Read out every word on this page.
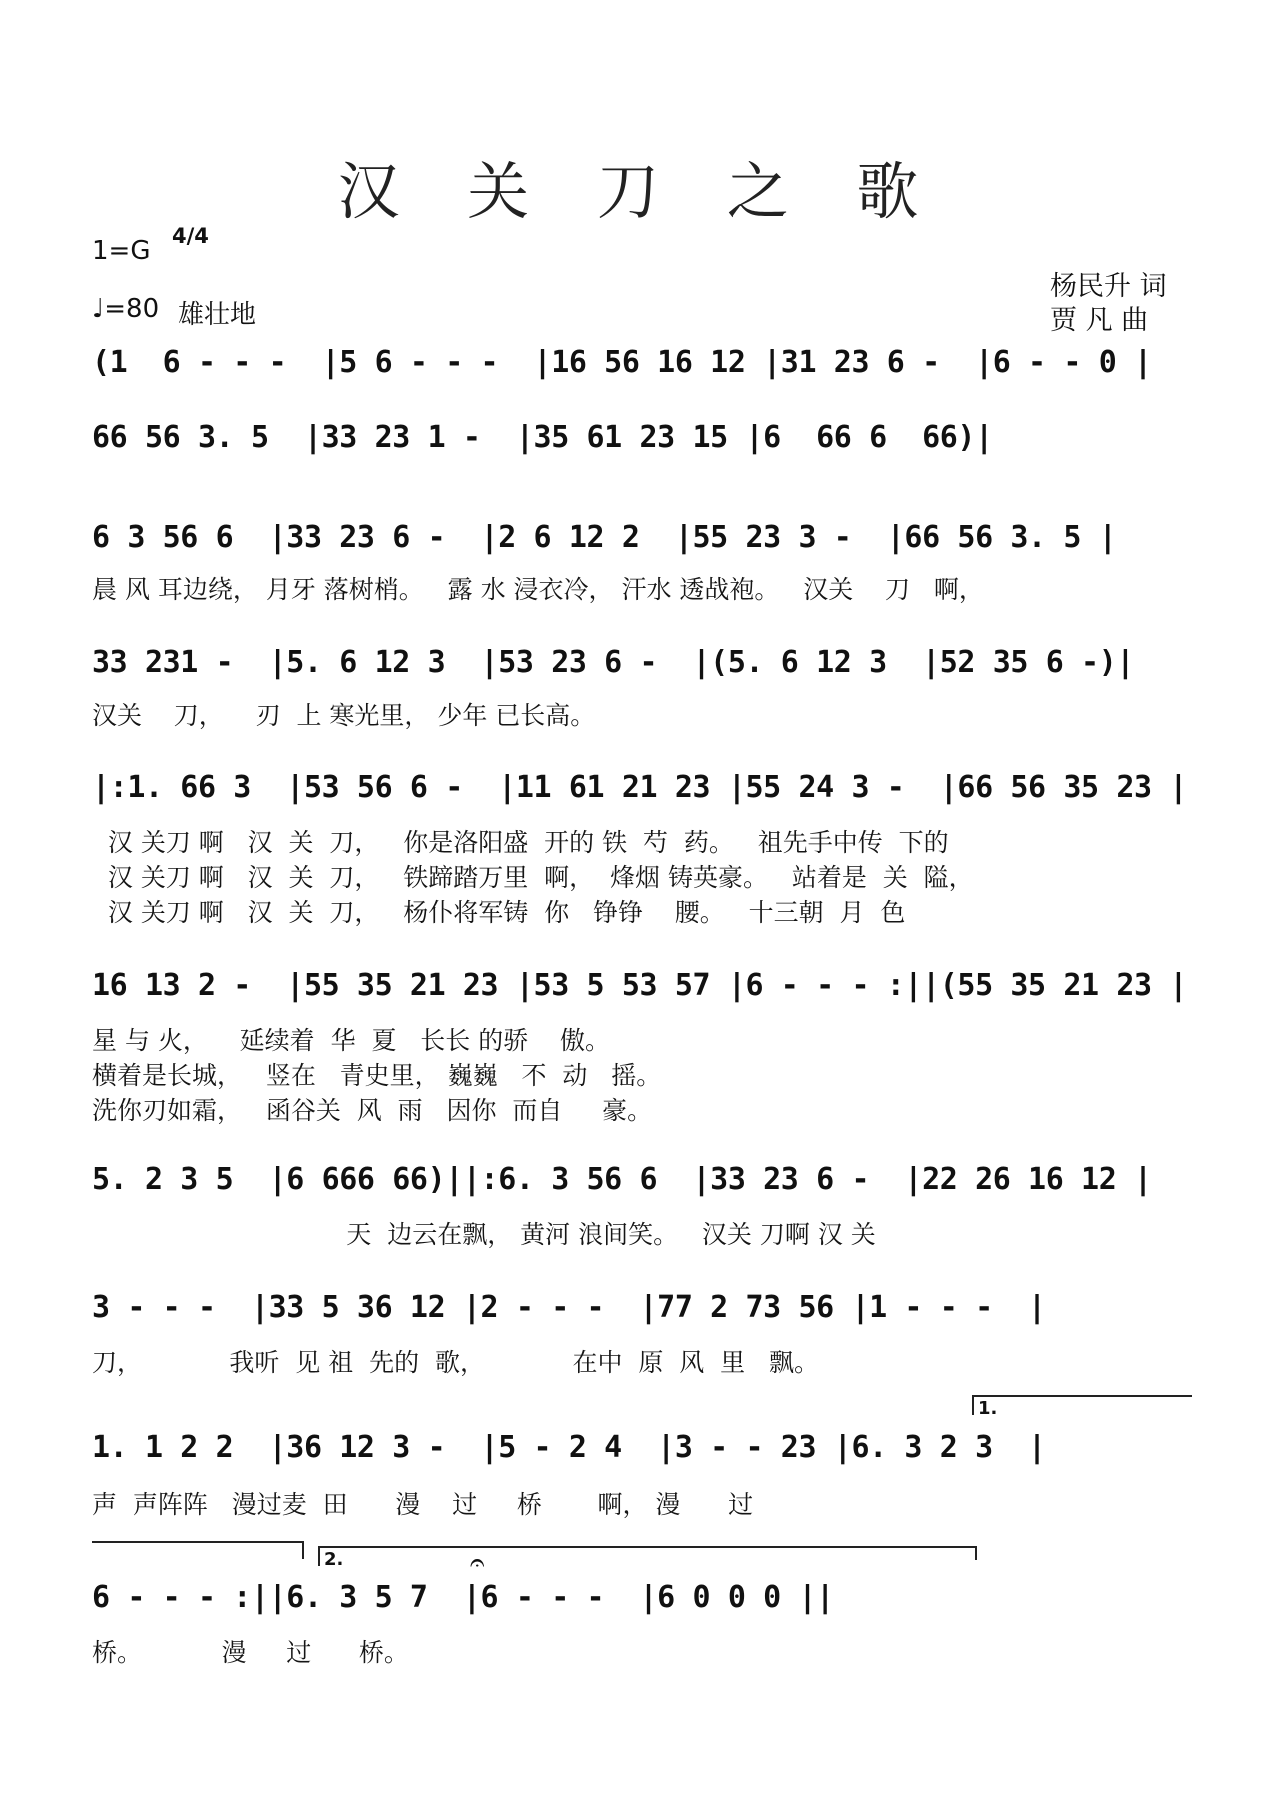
汉 关 刀 之 歌
1=G 4/4
♩=80 雄壮地
杨民升 词
贾 凡 曲
(1  6 - - -  |5 6 - - -  |16 56 16 12 |31 23 6 -  |6 - - 0 |
66 56 3. 5  |33 23 1 -  |35 61 23 15 |6  66 6  66)|
6 3 56 6  |33 23 6 -  |2 6 12 2  |55 23 3 -  |66 56 3. 5 |
晨 风 耳边绕， 月牙 落树梢。   露 水 浸衣冷， 汗水 透战袍。   汉关    刀   啊，
33 231 -  |5. 6 12 3  |53 23 6 -  |(5. 6 12 3  |52 35 6 -)|
汉关    刀，    刃  上 寒光里， 少年 已长高。
|:1. 66 3  |53 56 6 -  |11 61 21 23 |55 24 3 -  |66 56 35 23 |
汉 关刀 啊   汉  关  刀，   你是洛阳盛  开的 铁  芍  药。   祖先手中传  下的
汉 关刀 啊   汉  关  刀，   铁蹄踏万里  啊，  烽烟 铸英豪。   站着是  关  隘，
汉 关刀 啊   汉  关  刀，   杨仆将军铸  你   铮铮    腰。   十三朝  月  色
16 13 2 -  |55 35 21 23 |53 5 53 57 |6 - - - :||(55 35 21 23 |
星 与 火，    延续着  华  夏   长长 的骄    傲。
横着是长城，   竖在   青史里， 巍巍   不  动   摇。
洗你刃如霜，   函谷关  风  雨   因你  而自     豪。
5. 2 3 5  |6 666 66)||:6. 3 56 6  |33 23 6 -  |22 26 16 12 |
天  边云在飘， 黄河 浪间笑。   汉关 刀啊 汉 关
3 - - -  |33 5 36 12 |2 - - -  |77 2 73 56 |1 - - -  |
刀，           我听  见 祖  先的  歌，           在中  原  风  里   飘。
1.
1. 1 2 2  |36 12 3 -  |5 - 2 4  |3 - - 23 |6. 3 2 3  |
声  声阵阵   漫过麦  田      漫    过     桥       啊， 漫      过
2.	𝄐
6 - - - :||6. 3 5 7  |6 - - -  |6 0 0 0 ||
桥。          漫     过      桥。
